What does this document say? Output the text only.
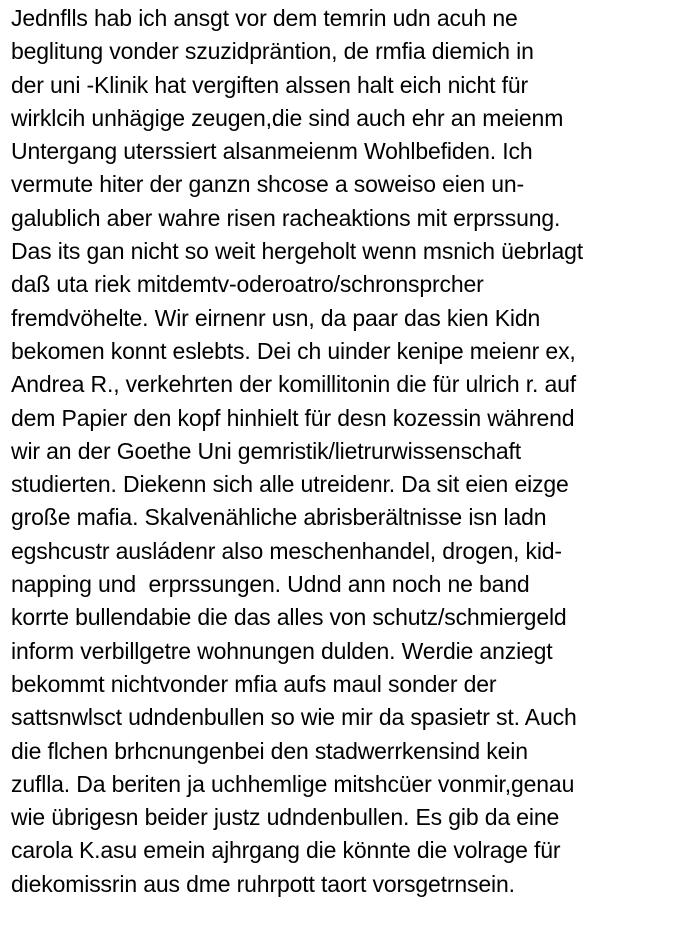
Jednflls hab ich ansgt vor dem temrin udn acuh ne
beglitung vonder szuzidpräntion, de rmfia diemich in
der uni -Klinik hat vergiften alssen halt eich nicht für
wirklcih unhägige zeugen,die sind auch ehr an meienm
Untergang uterssiert alsanmeienm Wohlbefiden. Ich
vermute hiter der ganzn shcose a soweiso eien un-
galublich aber wahre risen racheaktions mit erprssung.
Das its gan nicht so weit hergeholt wenn msnich üebrlagt
daß uta riek mitdemtv-oderoatro/schronsprcher
fremdvöhelte. Wir eirnenr usn, da paar das kien Kidn
bekomen konnt eslebts. Dei ch uinder kenipe meienr ex,
Andrea R., verkehrten der komillitonin die für ulrich r. auf
dem Papier den kopf hinhielt für desn kozessin während
wir an der Goethe Uni gemristik/lietrurwissenschaft
studierten. Diekenn sich alle utreidenr. Da sit eien eizge
große mafia. Skalvenähliche abrisberältnisse isn ladn
egshcustr ausládenr also meschenhandel, drogen, kid-
napping und  erprssungen. Udnd ann noch ne band
korrte bullendabie die das alles von schutz/schmiergeld
inform verbillgetre wohnungen dulden. Werdie anziegt
bekommt nichtvonder mfia aufs maul sonder der
sattsnwlsct udndenbullen so wie mir da spasietr st. Auch
die flchen brhcnungenbei den stadwerrkensind kein
zuflla. Da beriten ja uchhemlige mitshcüer vonmir,genau
wie übrigesn beider justz udndenbullen. Es gib da eine
carola K.asu emein ajhrgang die könnte die volrage für
diekomissrin aus dme ruhrpott taort vorsgetrnsein.
